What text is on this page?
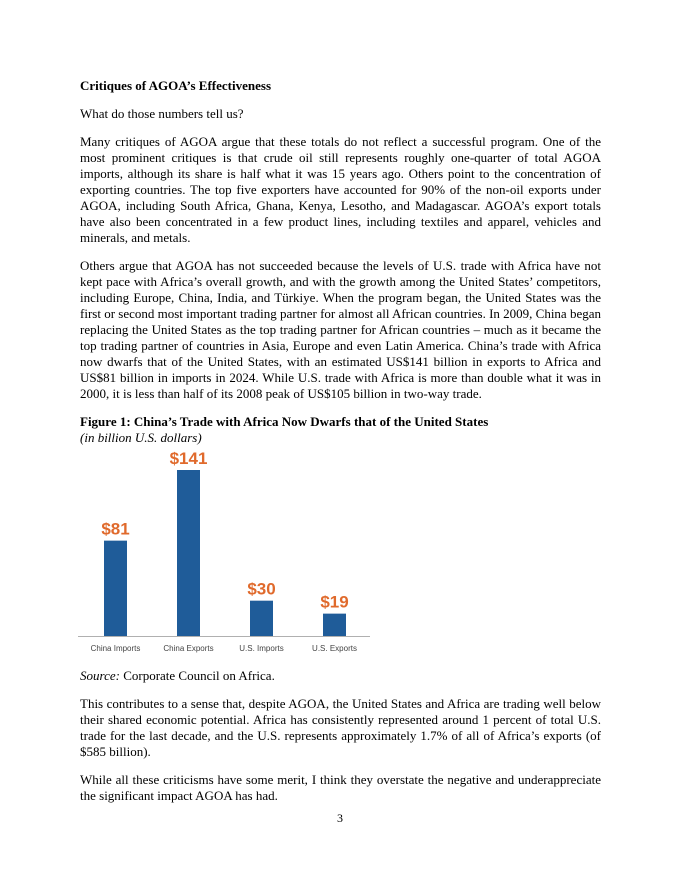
Critiques of AGOA’s Effectiveness

What do those numbers tell us?

Many critiques of AGOA argue that these totals do not reflect a successful program. One of the most prominent critiques is that crude oil still represents roughly one-quarter of total AGOA imports, although its share is half what it was 15 years ago. Others point to the concentration of exporting countries. The top five exporters have accounted for 90% of the non-oil exports under AGOA, including South Africa, Ghana, Kenya, Lesotho, and Madagascar. AGOA’s export totals have also been concentrated in a few product lines, including textiles and apparel, vehicles and minerals, and metals.

Others argue that AGOA has not succeeded because the levels of U.S. trade with Africa have not kept pace with Africa’s overall growth, and with the growth among the United States’ competitors, including Europe, China, India, and Türkiye. When the program began, the United States was the first or second most important trading partner for almost all African countries. In 2009, China began replacing the United States as the top trading partner for African countries – much as it became the top trading partner of countries in Asia, Europe and even Latin America. China’s trade with Africa now dwarfs that of the United States, with an estimated US$141 billion in exports to Africa and US$81 billion in imports in 2024. While U.S. trade with Africa is more than double what it was in 2000, it is less than half of its 2008 peak of US$105 billion in two-way trade.

Figure 1: China’s Trade with Africa Now Dwarfs that of the United States
(in billion U.S. dollars)
$81
China Imports
$141
China Exports
$30
U.S. Imports
$19
U.S. Exports
Source: Corporate Council on Africa.

This contributes to a sense that, despite AGOA, the United States and Africa are trading well below their shared economic potential. Africa has consistently represented around 1 percent of total U.S. trade for the last decade, and the U.S. represents approximately 1.7% of all of Africa’s exports (of $585 billion).

While all these criticisms have some merit, I think they overstate the negative and underappreciate the significant impact AGOA has had.

3
